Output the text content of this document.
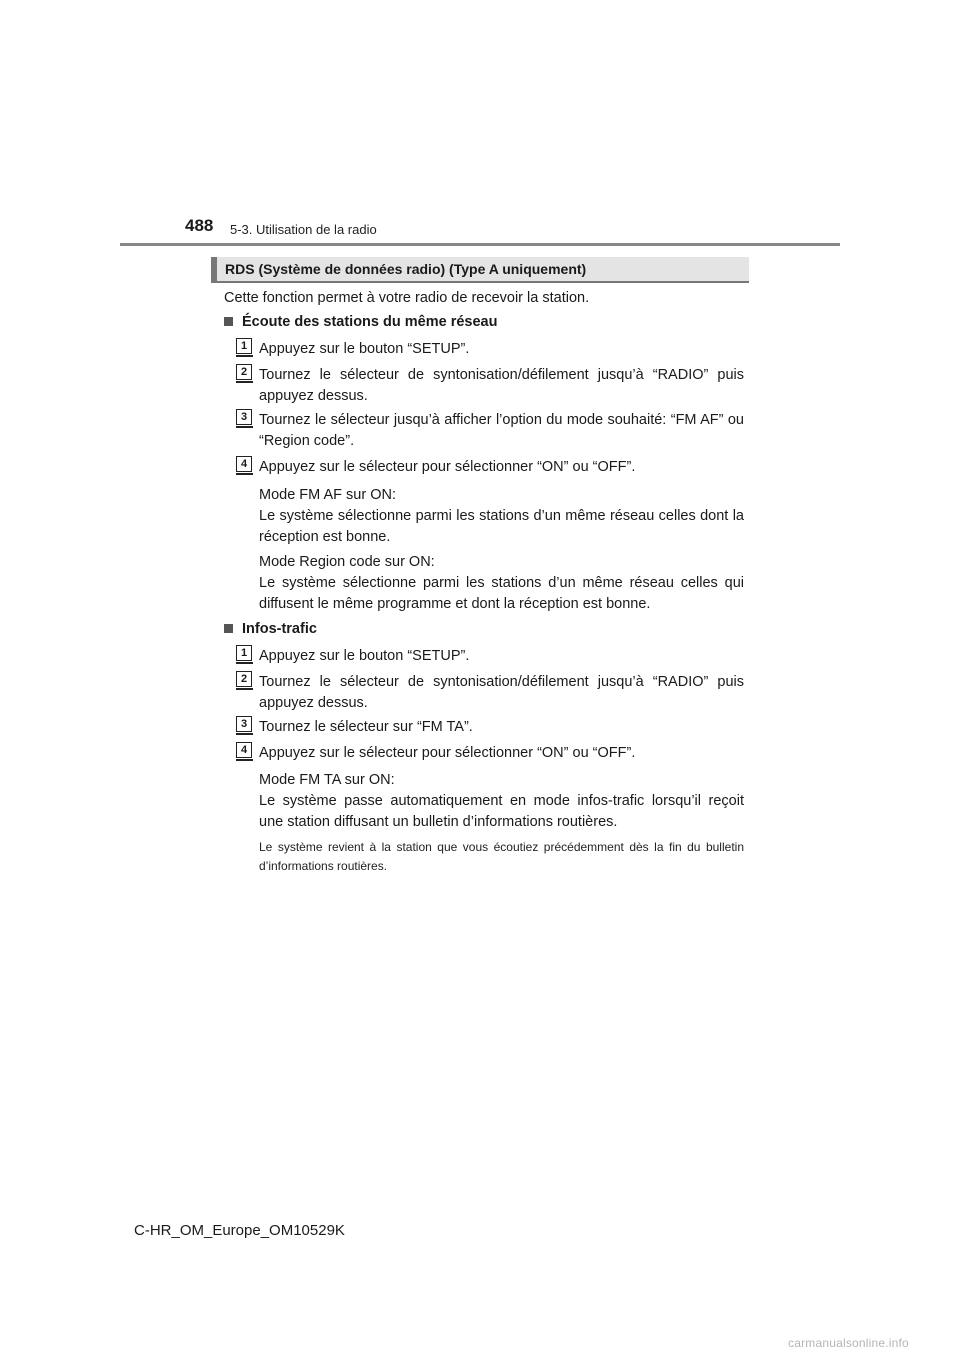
488 5-3. Utilisation de la radio
RDS (Système de données radio) (Type A uniquement)
Cette fonction permet à votre radio de recevoir la station.
Écoute des stations du même réseau
1 Appuyez sur le bouton “SETUP”.
2 Tournez le sélecteur de syntonisation/défilement jusqu’à “RADIO” puis appuyez dessus.
3 Tournez le sélecteur jusqu’à afficher l’option du mode souhaité: “FM AF” ou “Region code”.
4 Appuyez sur le sélecteur pour sélectionner “ON” ou “OFF”.
Mode FM AF sur ON:
Le système sélectionne parmi les stations d’un même réseau celles dont la réception est bonne.
Mode Region code sur ON:
Le système sélectionne parmi les stations d’un même réseau celles qui diffusent le même programme et dont la réception est bonne.
Infos-trafic
1 Appuyez sur le bouton “SETUP”.
2 Tournez le sélecteur de syntonisation/défilement jusqu’à “RADIO” puis appuyez dessus.
3 Tournez le sélecteur sur “FM TA”.
4 Appuyez sur le sélecteur pour sélectionner “ON” ou “OFF”.
Mode FM TA sur ON:
Le système passe automatiquement en mode infos-trafic lorsqu’il reçoit une station diffusant un bulletin d’informations routières.
Le système revient à la station que vous écoutiez précédemment dès la fin du bulletin d’informations routières.
C-HR_OM_Europe_OM10529K
carmanualsonline.info
